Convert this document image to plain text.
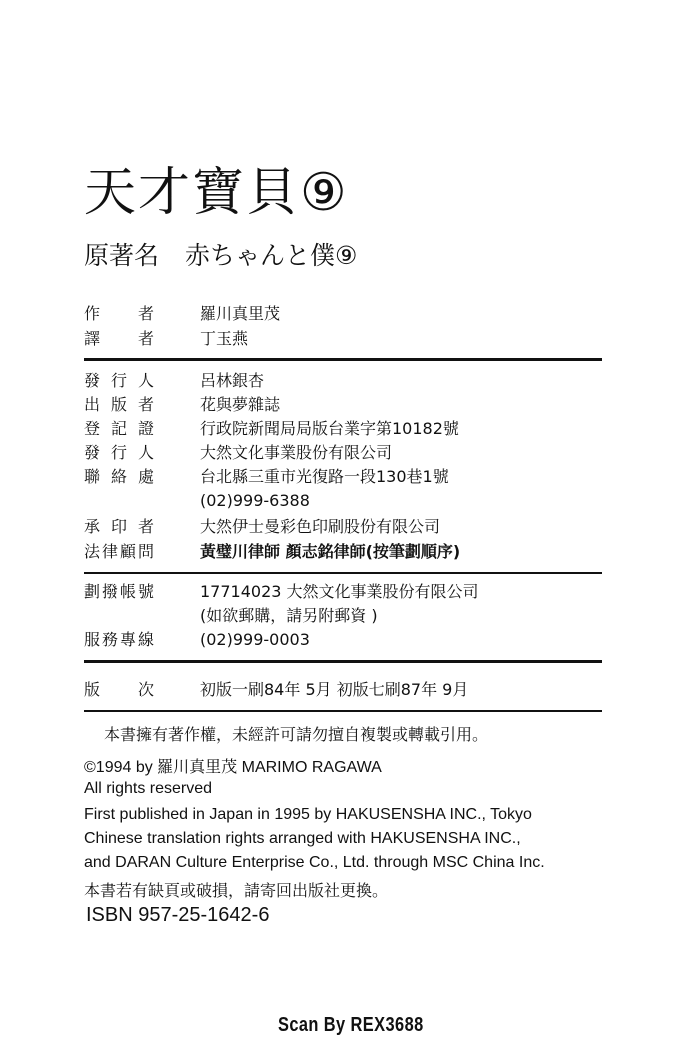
天才寶貝⑨
原著名 赤ちゃんと僕⑨
作　者	羅川真里茂
譯　者	丁玉燕
發行人	呂林銀杏
出版者	花與夢雜誌
登記證	行政院新聞局局版台業字第10182號
發行人	大然文化事業股份有限公司
聯絡處	台北縣三重市光復路一段130巷1號
(02)999-6388
承印者	大然伊士曼彩色印刷股份有限公司
法律顧問	黃璧川律師 顏志銘律師(按筆劃順序)
劃撥帳號	17714023 大然文化事業股份有限公司
(如欲郵購，請另附郵資 )
服務專線	(02)999-0003
版　次	初版一刷84年 5月 初版七刷87年 9月
本書擁有著作權，未經許可請勿擅自複製或轉載引用。
©1994 by 羅川真里茂 MARIMO RAGAWA
All rights reserved
First published in Japan in 1995 by HAKUSENSHA INC., Tokyo
Chinese translation rights arranged with HAKUSENSHA INC.,
and DARAN Culture Enterprise Co., Ltd. through MSC China Inc.
本書若有缺頁或破損，請寄回出版社更換。
ISBN 957-25-1642-6
Scan By REX3688
